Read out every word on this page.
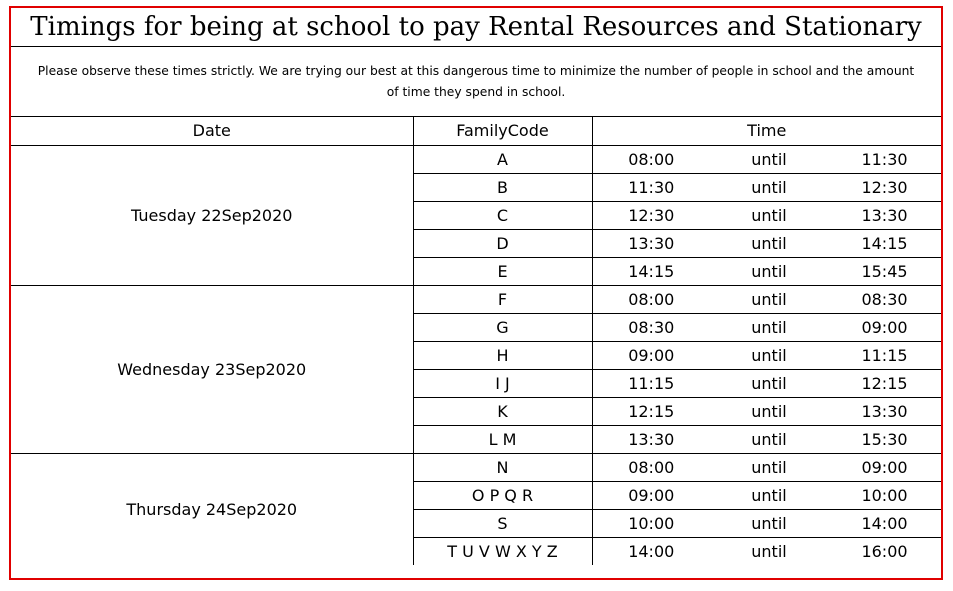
Timings for being at school to pay Rental Resources and Stationary
Please observe these times strictly. We are trying our best at this dangerous time to minimize the number of people in school and the amount of time they spend in school.
Date	FamilyCode	Time		
Tuesday 22Sep2020	A	08:00	until	11:30
	B	11:30	until	12:30
	C	12:30	until	13:30
	D	13:30	until	14:15
	E	14:15	until	15:45
Wednesday 23Sep2020	F	08:00	until	08:30
	G	08:30	until	09:00
	H	09:00	until	11:15
	I J	11:15	until	12:15
	K	12:15	until	13:30
	L M	13:30	until	15:30
Thursday 24Sep2020	N	08:00	until	09:00
	O P Q R	09:00	until	10:00
	S	10:00	until	14:00
	T U V W X Y Z	14:00	until	16:00
